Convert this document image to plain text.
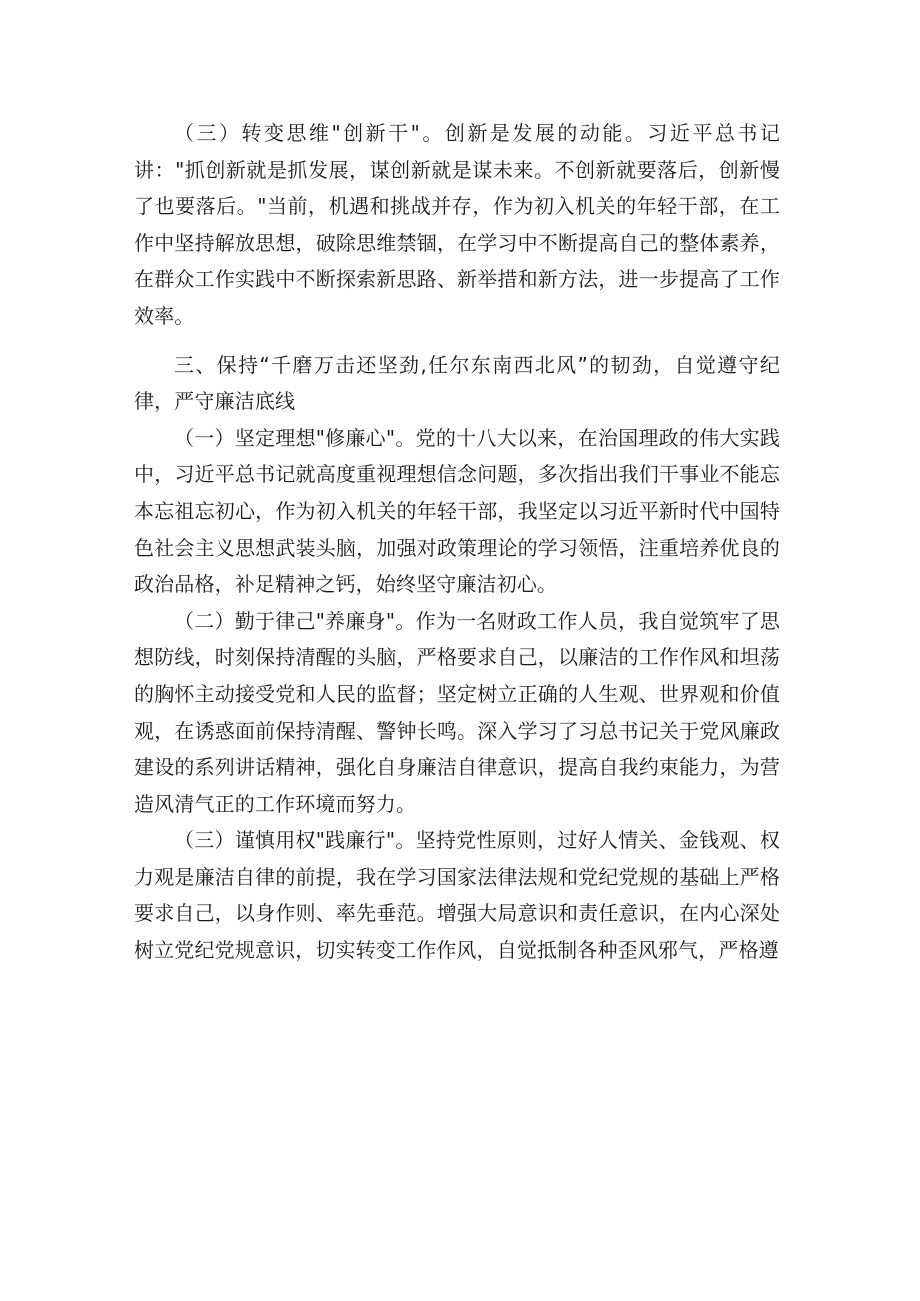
（三）转变思维"创新干"。创新是发展的动能。习近平总书记讲："抓创新就是抓发展，谋创新就是谋未来。不创新就要落后，创新慢了也要落后。"当前，机遇和挑战并存，作为初入机关的年轻干部，在工作中坚持解放思想，破除思维禁锢，在学习中不断提高自己的整体素养，在群众工作实践中不断探索新思路、新举措和新方法，进一步提高了工作效率。

三、保持“千磨万击还坚劲,任尔东南西北风”的韧劲，自觉遵守纪律，严守廉洁底线

（一）坚定理想"修廉心"。党的十八大以来，在治国理政的伟大实践中，习近平总书记就高度重视理想信念问题，多次指出我们干事业不能忘本忘祖忘初心，作为初入机关的年轻干部，我坚定以习近平新时代中国特色社会主义思想武装头脑，加强对政策理论的学习领悟，注重培养优良的政治品格，补足精神之钙，始终坚守廉洁初心。

（二）勤于律己"养廉身"。作为一名财政工作人员，我自觉筑牢了思想防线，时刻保持清醒的头脑，严格要求自己，以廉洁的工作作风和坦荡的胸怀主动接受党和人民的监督；坚定树立正确的人生观、世界观和价值观，在诱惑面前保持清醒、警钟长鸣。深入学习了习总书记关于党风廉政建设的系列讲话精神，强化自身廉洁自律意识，提高自我约束能力，为营造风清气正的工作环境而努力。

（三）谨慎用权"践廉行"。坚持党性原则，过好人情关、金钱观、权力观是廉洁自律的前提，我在学习国家法律法规和党纪党规的基础上严格要求自己，以身作则、率先垂范。增强大局意识和责任意识，在内心深处树立党纪党规意识，切实转变工作作风，自觉抵制各种歪风邪气，严格遵
